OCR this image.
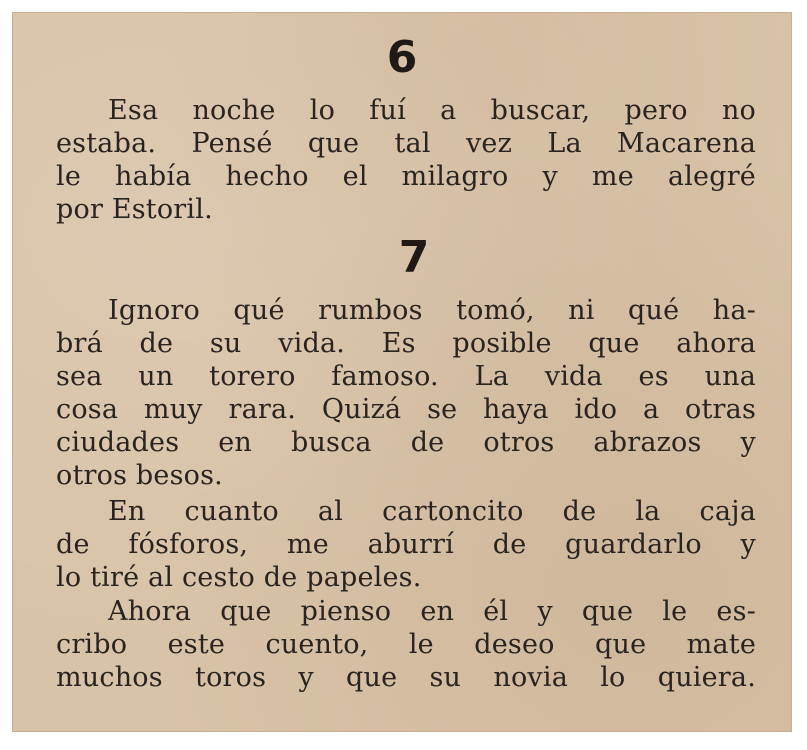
6
Esa noche lo fuí a buscar, pero no
estaba. Pensé que tal vez La Macarena
le había hecho el milagro y me alegré
por Estoril.
7
Ignoro qué rumbos tomó, ni qué ha-
brá de su vida. Es posible que ahora
sea un torero famoso. La vida es una
cosa muy rara. Quizá se haya ido a otras
ciudades en busca de otros abrazos y
otros besos.
En cuanto al cartoncito de la caja
de fósforos, me aburrí de guardarlo y
lo tiré al cesto de papeles.
Ahora que pienso en él y que le es-
cribo este cuento, le deseo que mate
muchos toros y que su novia lo quiera.
